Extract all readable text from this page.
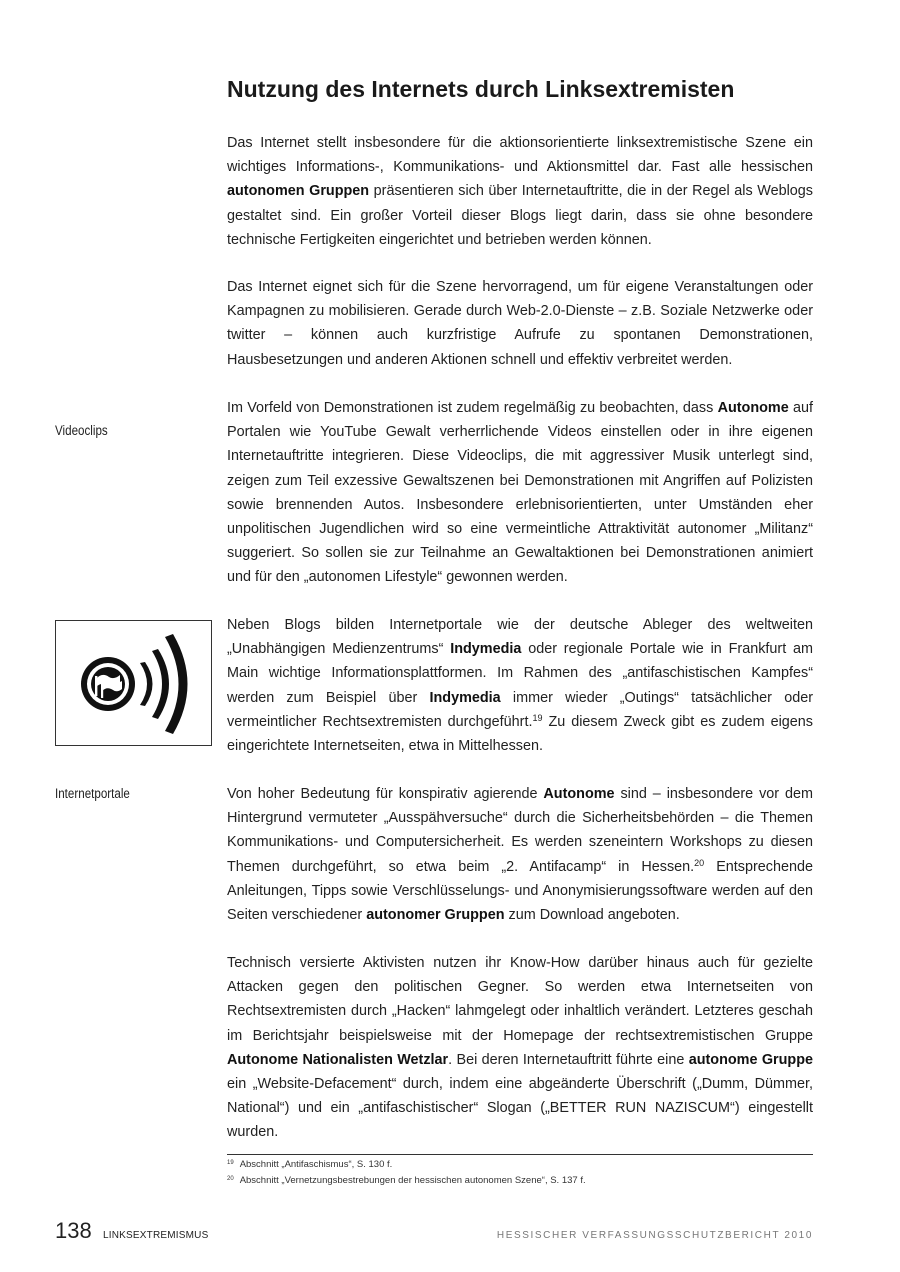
Nutzung des Internets durch Linksextremisten

Das Internet stellt insbesondere für die aktionsorientierte linksextremistische Szene ein wichtiges Informations-, Kommunikations- und Aktionsmittel dar. Fast alle hessischen autonomen Gruppen präsentieren sich über Internetauftritte, die in der Regel als Weblogs gestaltet sind. Ein großer Vorteil dieser Blogs liegt darin, dass sie ohne besondere technische Fertigkeiten eingerichtet und betrieben werden können.

Das Internet eignet sich für die Szene hervorragend, um für eigene Veranstaltungen oder Kampagnen zu mobilisieren. Gerade durch Web-2.0-Dienste – z.B. Soziale Netzwerke oder twitter – können auch kurzfristige Aufrufe zu spontanen Demonstrationen, Hausbesetzungen und anderen Aktionen schnell und effektiv verbreitet werden.

Im Vorfeld von Demonstrationen ist zudem regelmäßig zu beobachten, dass Autonome auf Portalen wie YouTube Gewalt verherrlichende Videos einstellen oder in ihre eigenen Internetauftritte integrieren. Diese Videoclips, die mit aggressiver Musik unterlegt sind, zeigen zum Teil exzessive Gewaltszenen bei Demonstrationen mit Angriffen auf Polizisten sowie brennenden Autos. Insbesondere erlebnisorientierten, unter Umständen eher unpolitischen Jugendlichen wird so eine vermeintliche Attraktivität autonomer „Militanz“ suggeriert. So sollen sie zur Teilnahme an Gewaltaktionen bei Demonstrationen animiert und für den „autonomen Lifestyle“ gewonnen werden.

Neben Blogs bilden Internetportale wie der deutsche Ableger des weltweiten „Unabhängigen Medienzentrums“ Indymedia oder regionale Portale wie in Frankfurt am Main wichtige Informationsplattformen. Im Rahmen des „antifaschistischen Kampfes“ werden zum Beispiel über Indymedia immer wieder „Outings“ tatsächlicher oder vermeintlicher Rechtsextremisten durchgeführt.$^{19}$ Zu diesem Zweck gibt es zudem eigens eingerichtete Internetseiten, etwa in Mittelhessen.

Von hoher Bedeutung für konspirativ agierende Autonome sind – insbesondere vor dem Hintergrund vermuteter „Ausspähversuche“ durch die Sicherheitsbehörden – die Themen Kommunikations- und Computersicherheit. Es werden szeneintern Workshops zu diesen Themen durchgeführt, so etwa beim „2. Antifacamp“ in Hessen.$^{20}$ Entsprechende Anleitungen, Tipps sowie Verschlüsselungs- und Anonymisierungssoftware werden auf den Seiten verschiedener autonomer Gruppen zum Download angeboten.

Technisch versierte Aktivisten nutzen ihr Know-How darüber hinaus auch für gezielte Attacken gegen den politischen Gegner. So werden etwa Internetseiten von Rechtsextremisten durch „Hacken“ lahmgelegt oder inhaltlich verändert. Letzteres geschah im Berichtsjahr beispielsweise mit der Homepage der rechtsextremistischen Gruppe Autonome Nationalisten Wetzlar. Bei deren Internetauftritt führte eine autonome Gruppe ein „Website-Defacement“ durch, indem eine abgeänderte Überschrift („Dumm, Dümmer, National“) und ein „antifaschistischer“ Slogan („BETTER RUN NAZISCUM“) eingestellt wurden.

Videoclips
Internetportale
$^{19}$ Abschnitt „Antifaschismus“, S. 130 f.
$^{20}$ Abschnitt „Vernetzungsbestrebungen der hessischen autonomen Szene“, S. 137 f.
138 LINKSEXTREMISMUS	HESSISCHER VERFASSUNGSSCHUTZBERICHT 2010
